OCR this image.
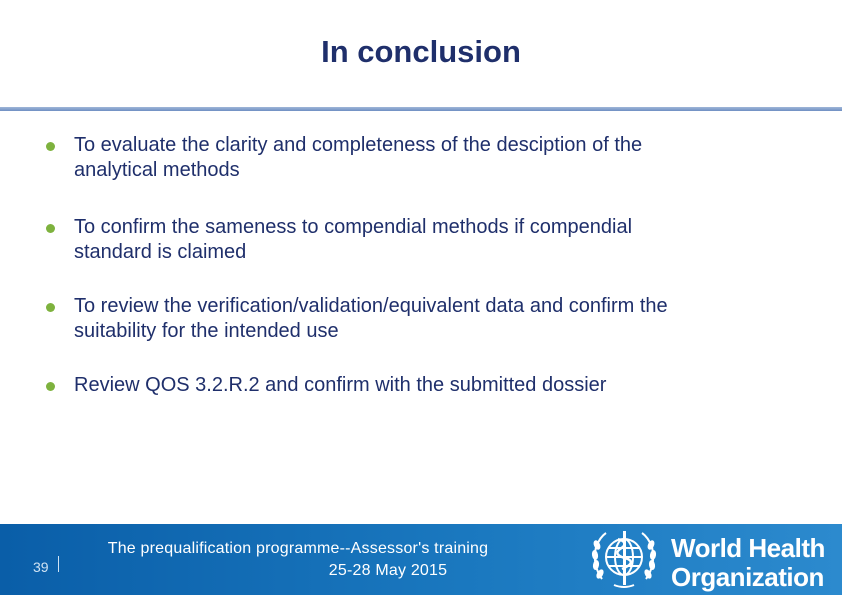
In conclusion
To evaluate the clarity and completeness of the desciption of the
analytical methods
To confirm the sameness to compendial methods if compendial
standard is claimed
To review the verification/validation/equivalent data and confirm the
suitability for the intended use
Review QOS 3.2.R.2 and confirm with the submitted dossier
39
The prequalification programme--Assessor's training
25-28 May 2015
World Health
Organization
